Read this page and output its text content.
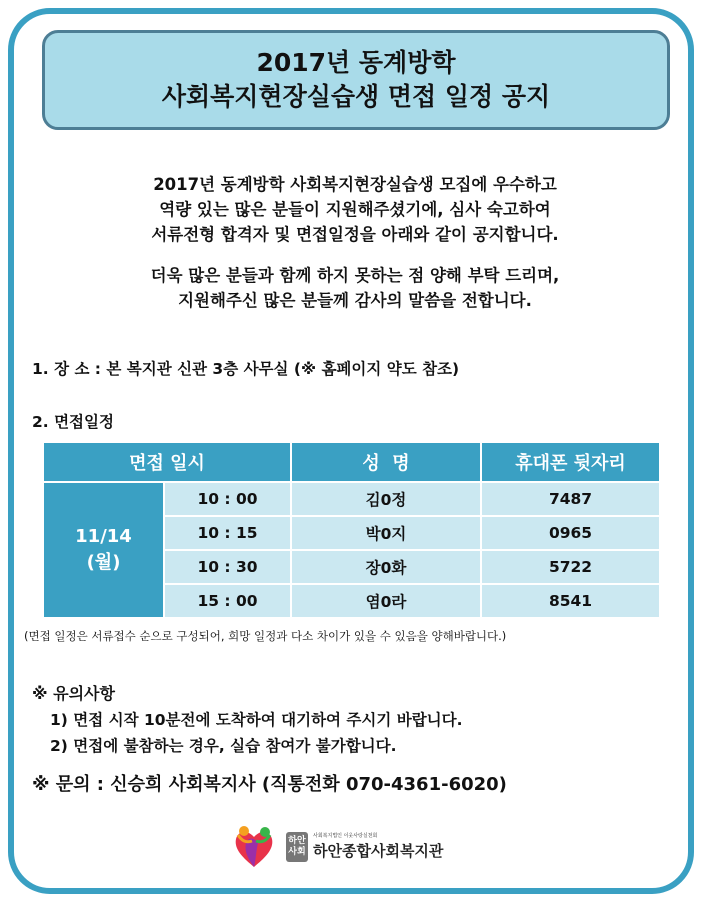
2017년 동계방학
사회복지현장실습생 면접 일정 공지

2017년 동계방학 사회복지현장실습생 모집에 우수하고

역량 있는 많은 분들이 지원해주셨기에, 심사 숙고하여

서류전형 합격자 및 면접일정을 아래와 같이 공지합니다.

더욱 많은 분들과 함께 하지 못하는 점 양해 부탁 드리며,

지원해주신 많은 분들께 감사의 말씀을 전합니다.

1. 장 소 : 본 복지관 신관 3층 사무실 (※ 홈페이지 약도 참조)
2. 면접일정
면접 일시		성  명	휴대폰 뒷자리

11/14
(월)	10 : 00	김0정	7487
	10 : 15	박0지	0965
	10 : 30	장0화	5722
	15 : 00	염0라	8541
(면접 일정은 서류접수 순으로 구성되어, 희망 일정과 다소 차이가 있을 수 있음을 양해바랍니다.)
※ 유의사항
1) 면접 시작 10분전에 도착하여 대기하여 주시기 바랍니다.
2) 면접에 불참하는 경우, 실습 참여가 불가합니다.
※ 문의 : 신승희 사회복지사 (직통전화 070-4361-6020)
하안
사회
사회복지법인 이웃사랑실천회
하안종합사회복지관
